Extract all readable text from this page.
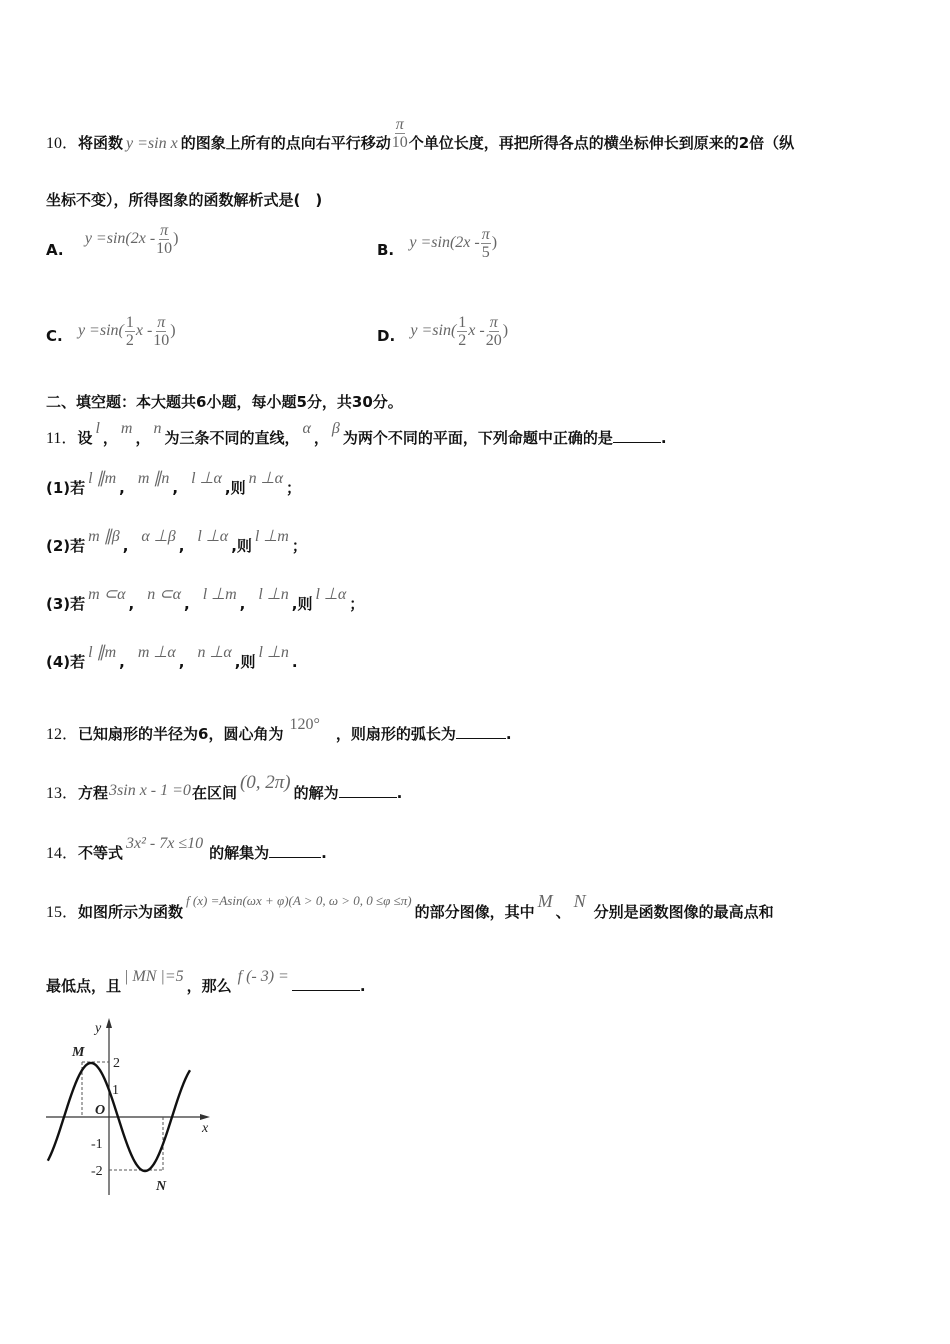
10．将函数 y =sin x 的图象上所有的点向右平行移动 $\frac{\pi}{10}$ 个单位长度，再把所得各点的横坐标伸长到原来的2倍（纵
坐标不变），所得图象的函数解析式是(　)
A. $y =\sin(2x - \frac{\pi}{10}$ )
B. $y =\sin(2x - \frac{\pi}{5}$ )
C. $y =\sin( \frac{1}{2}$ x - $\frac{\pi}{10}$ )	D. $y =\sin( \frac{1}{2}$ x - $\frac{\pi}{20}$ )
二、填空题：本大题共6小题，每小题5分，共30分。
11．设l，m，n为三条不同的直线，α，β为两个不同的平面，下列命题中正确的是	.
(1)若l ∥m,m ∥n,l ⊥α,则n ⊥α；
(2)若m ∥β,α ⊥β,l ⊥α,则l ⊥m；
(3)若m ⊂α,n ⊂α,l ⊥m,l ⊥n,则l ⊥α；
(4)若l ∥m,m ⊥α,n ⊥α,则l ⊥n.
12．已知扇形的半径为6，圆心角为120°，则扇形的弧长为	.
13．方程3sin x - 1 =0在区间 (0, 2π) 的解为	.
14．不等式3x² - 7x ≤10的解集为	.
15．如图所示为函数f (x) =Asin(ωx + φ)(A > 0, ω > 0, 0 ≤φ ≤π)的部分图像，其中M、N分别是函数图像的最高点和
最低点，且| MN |=5，那么f (- 3) =.
y
x
O
M
N
2
1
-1
-2
